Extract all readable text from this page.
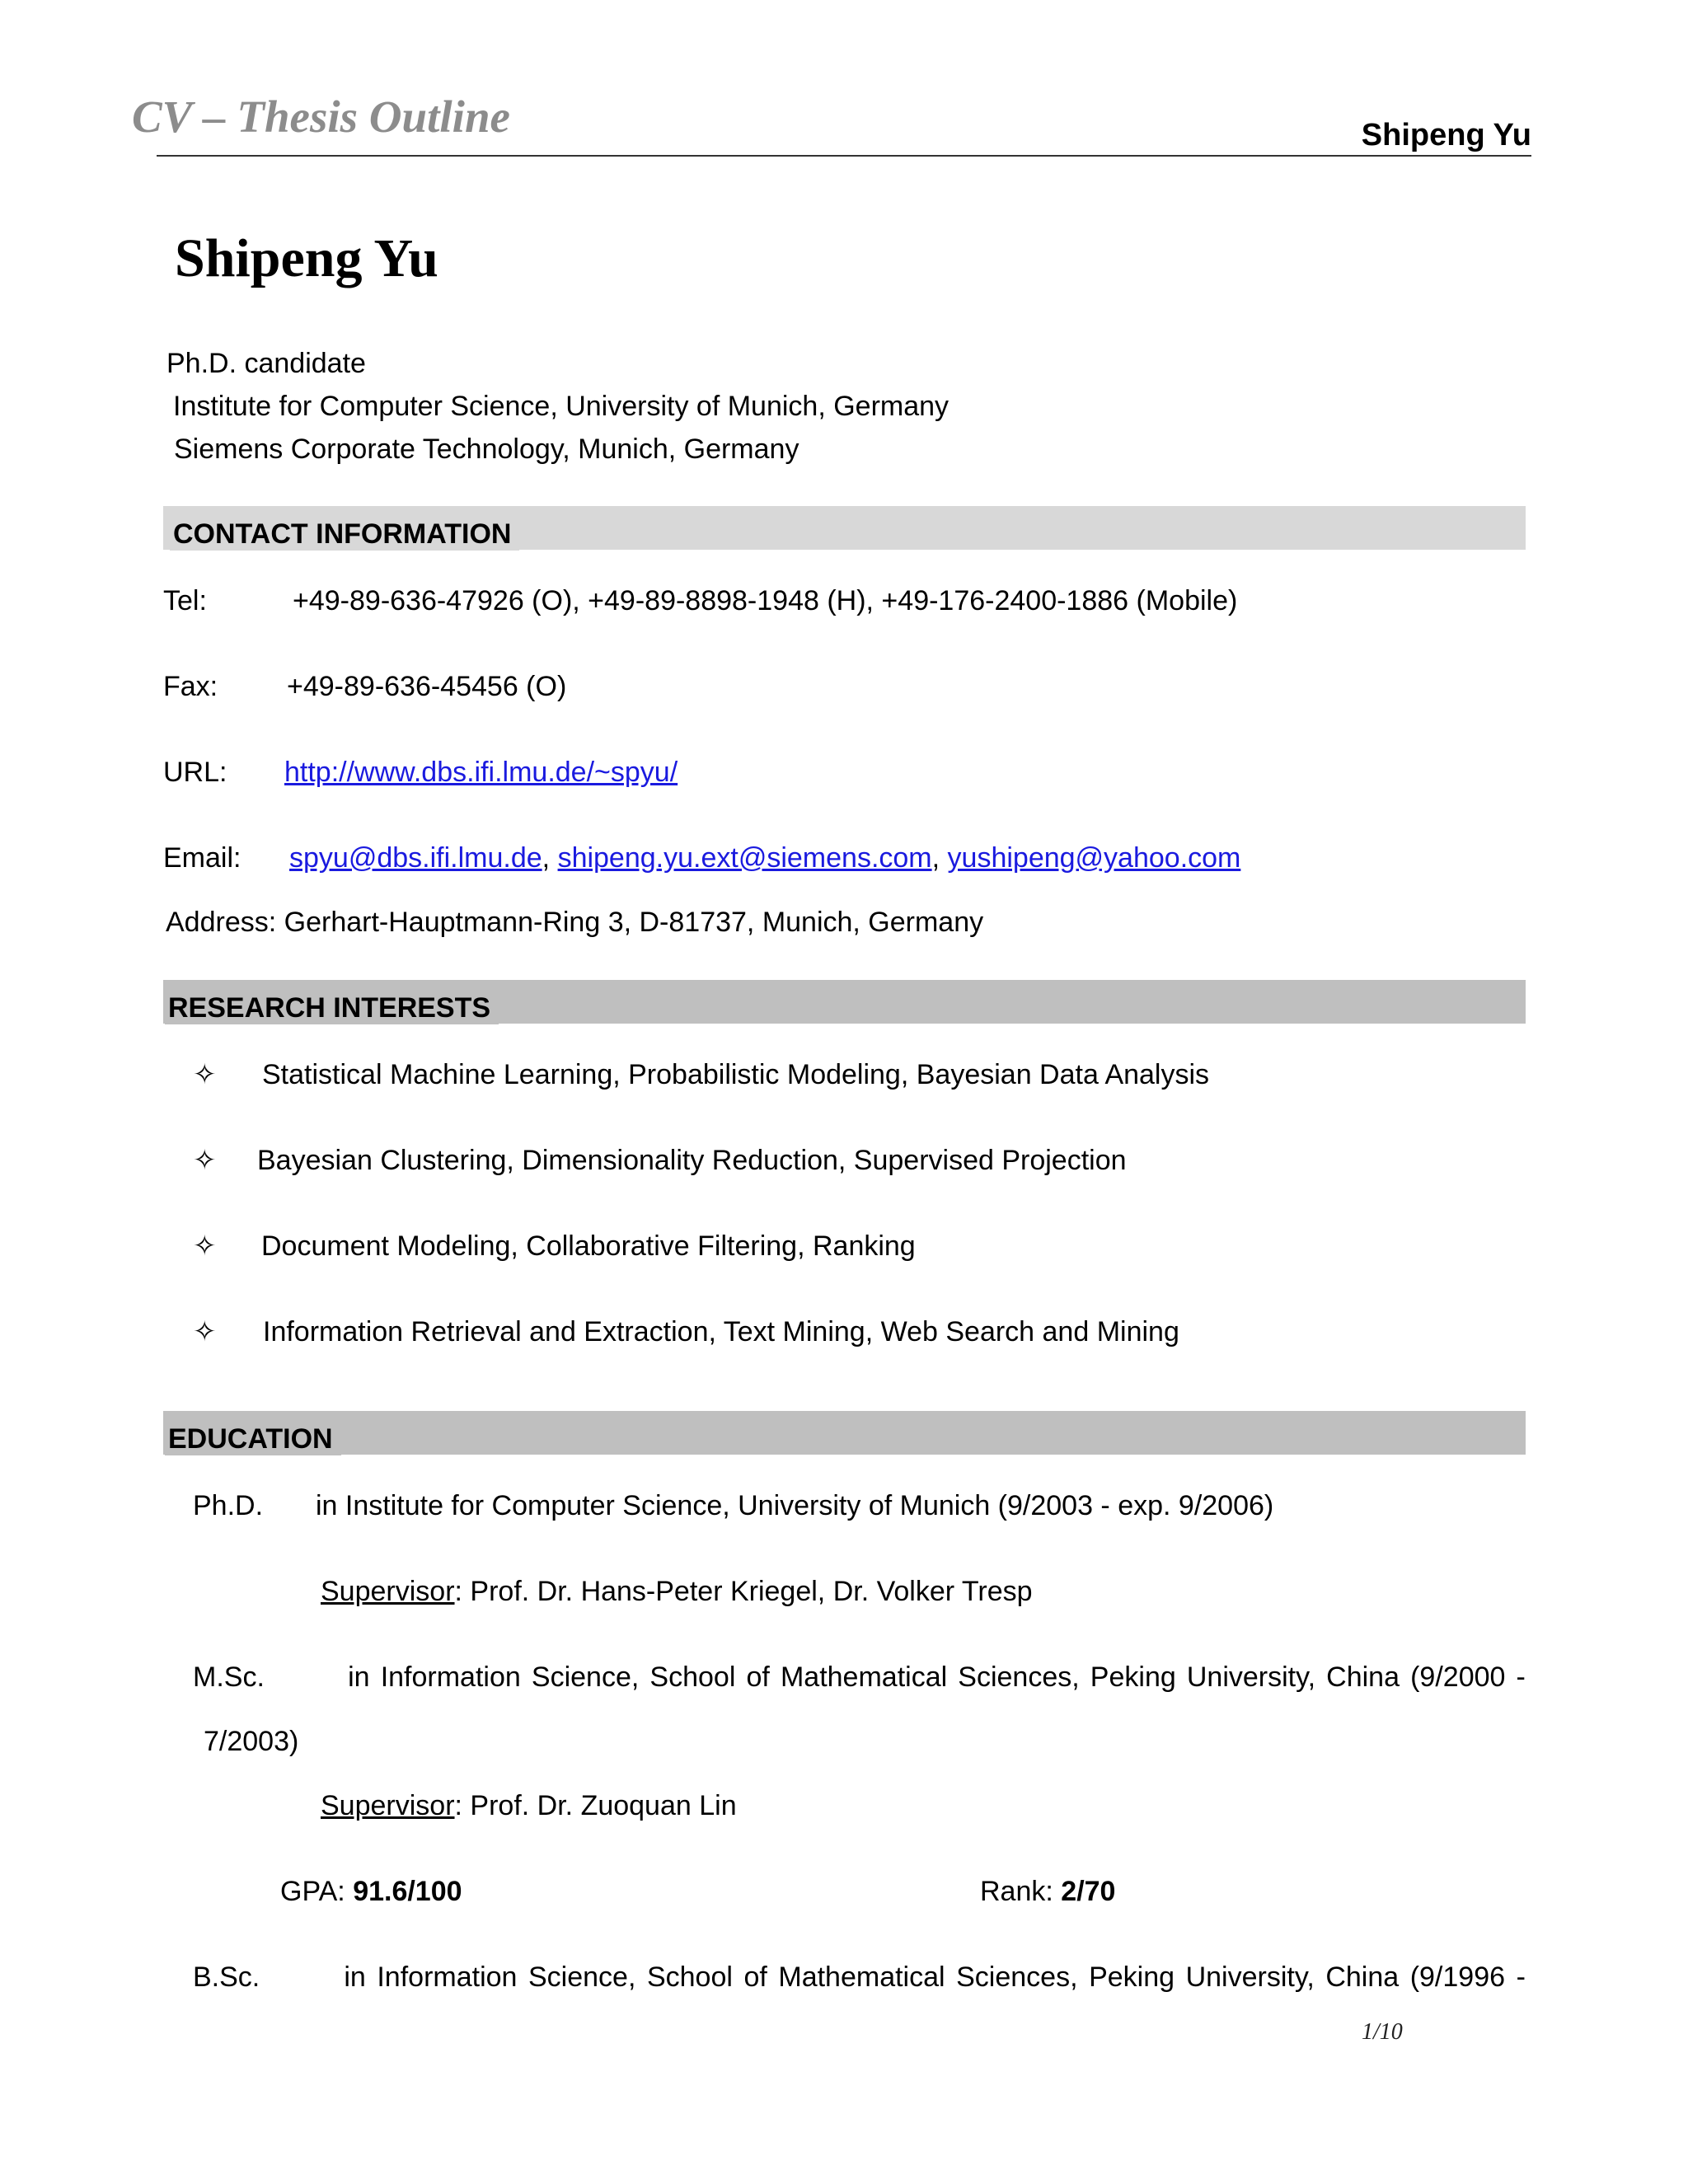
CV – Thesis Outline	Shipeng Yu
Shipeng Yu
Ph.D. candidate
Institute for Computer Science, University of Munich, Germany
Siemens Corporate Technology, Munich, Germany
CONTACT INFORMATION
Tel:	+49-89-636-47926 (O), +49-89-8898-1948 (H), +49-176-2400-1886 (Mobile)
Fax: +49-89-636-45456 (O)
URL: http://www.dbs.ifi.lmu.de/~spyu/
Email: spyu@dbs.ifi.lmu.de, shipeng.yu.ext@siemens.com, yushipeng@yahoo.com
Address: Gerhart-Hauptmann-Ring 3, D-81737, Munich, Germany
RESEARCH INTERESTS
✧ Statistical Machine Learning, Probabilistic Modeling, Bayesian Data Analysis
✧ Bayesian Clustering, Dimensionality Reduction, Supervised Projection
✧ Document Modeling, Collaborative Filtering, Ranking
✧ Information Retrieval and Extraction, Text Mining, Web Search and Mining
EDUCATION
Ph.D. in Institute for Computer Science, University of Munich (9/2003 - exp. 9/2006)
Supervisor: Prof. Dr. Hans-Peter Kriegel, Dr. Volker Tresp
M.Sc.	in Information Science, School of Mathematical Sciences, Peking University, China (9/2000 -
7/2003)
Supervisor: Prof. Dr. Zuoquan Lin
GPA: 91.6/100	Rank: 2/70
B.Sc.	in Information Science, School of Mathematical Sciences, Peking University, China (9/1996 -
1/10
